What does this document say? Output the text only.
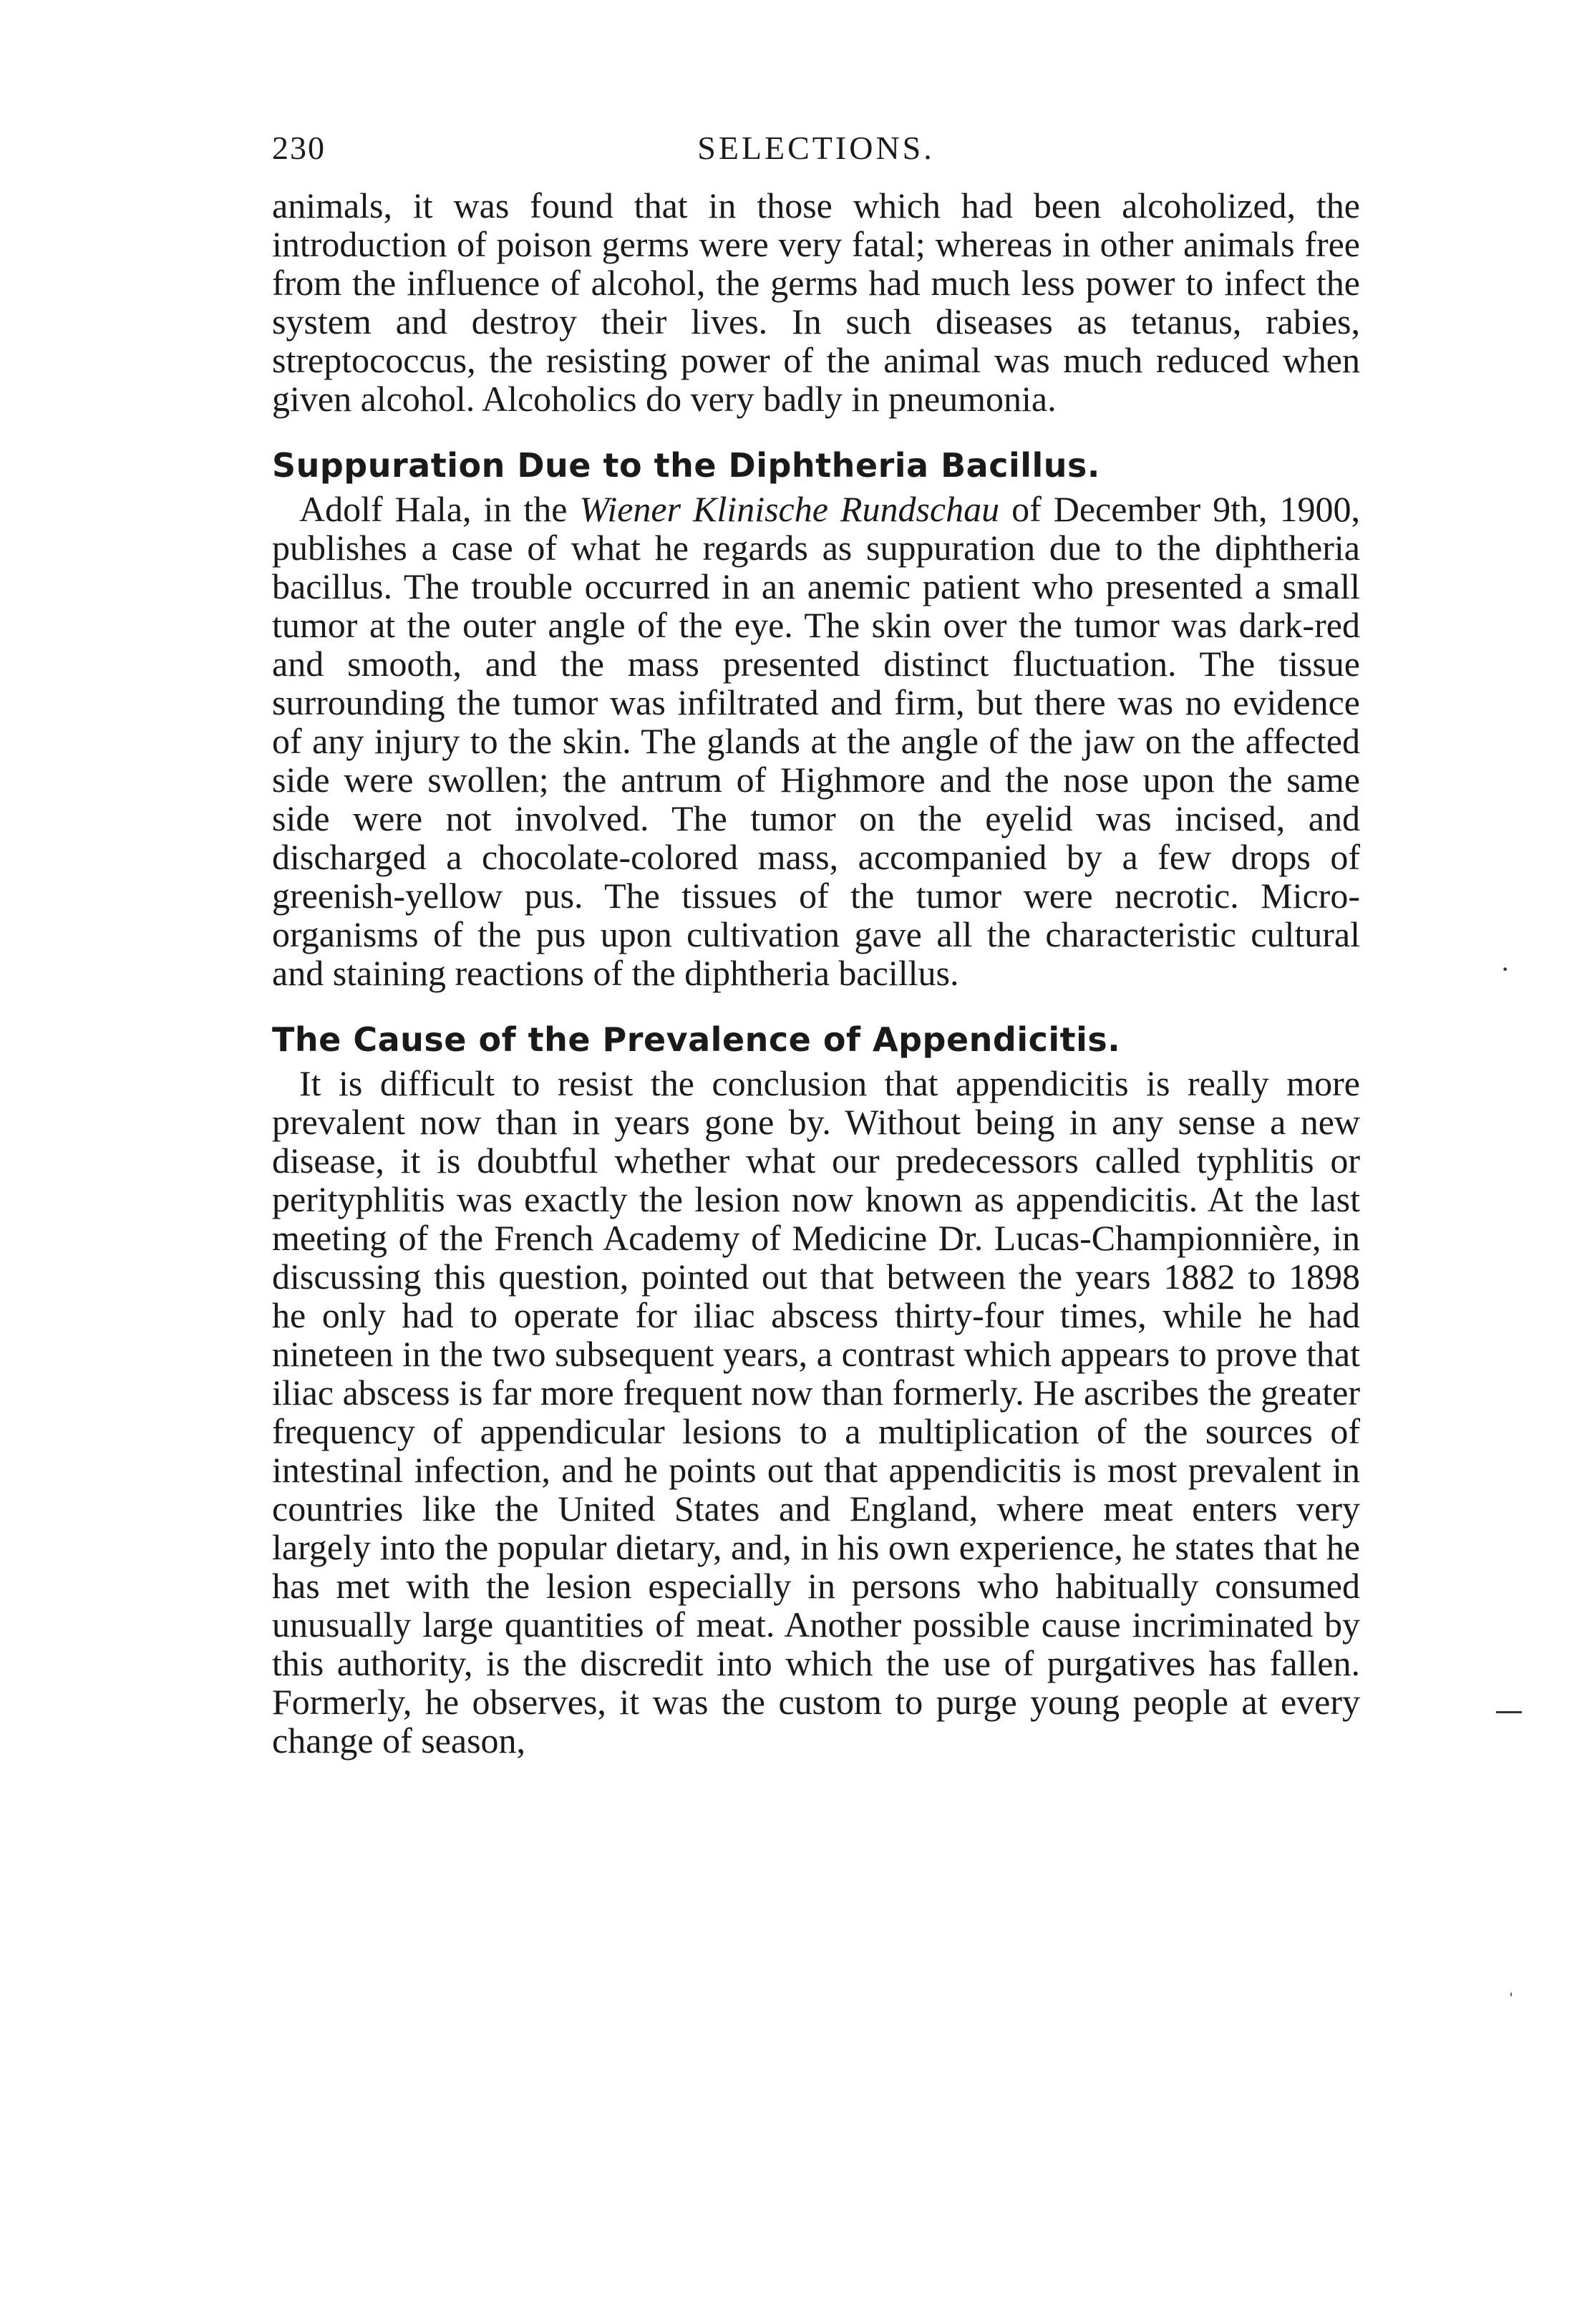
230	SELECTIONS.

animals, it was found that in those which had been alcoholized, the introduction of poison germs were very fatal; whereas in other animals free from the influence of alcohol, the germs had much less power to infect the system and destroy their lives. In such diseases as tetanus, rabies, streptococcus, the resisting power of the animal was much reduced when given alcohol. Alcoholics do very badly in pneumonia.

Suppuration Due to the Diphtheria Bacillus.

Adolf Hala, in the Wiener Klinische Rundschau of December 9th, 1900, publishes a case of what he regards as suppuration due to the diphtheria bacillus. The trouble occurred in an anemic patient who presented a small tumor at the outer angle of the eye. The skin over the tumor was dark-red and smooth, and the mass presented distinct fluctuation. The tissue surrounding the tumor was infiltrated and firm, but there was no evidence of any injury to the skin. The glands at the angle of the jaw on the affected side were swollen; the antrum of Highmore and the nose upon the same side were not involved. The tumor on the eyelid was incised, and discharged a chocolate-colored mass, accompanied by a few drops of greenish-yellow pus. The tissues of the tumor were necrotic. Micro-organisms of the pus upon cultivation gave all the characteristic cultural and staining reactions of the diphtheria bacillus.

The Cause of the Prevalence of Appendicitis.

It is difficult to resist the conclusion that appendicitis is really more prevalent now than in years gone by. Without being in any sense a new disease, it is doubtful whether what our predecessors called typhlitis or perityphlitis was exactly the lesion now known as appendicitis. At the last meeting of the French Academy of Medicine Dr. Lucas-Championnière, in discussing this question, pointed out that between the years 1882 to 1898 he only had to operate for iliac abscess thirty-four times, while he had nineteen in the two subsequent years, a contrast which appears to prove that iliac abscess is far more frequent now than formerly. He ascribes the greater frequency of appendicular lesions to a multiplication of the sources of intestinal infection, and he points out that appendicitis is most prevalent in countries like the United States and England, where meat enters very largely into the popular dietary, and, in his own experience, he states that he has met with the lesion especially in persons who habitually consumed unusually large quantities of meat. Another possible cause incriminated by this authority, is the discredit into which the use of purgatives has fallen. Formerly, he observes, it was the custom to purge young people at every change of season,

·
ˈ
